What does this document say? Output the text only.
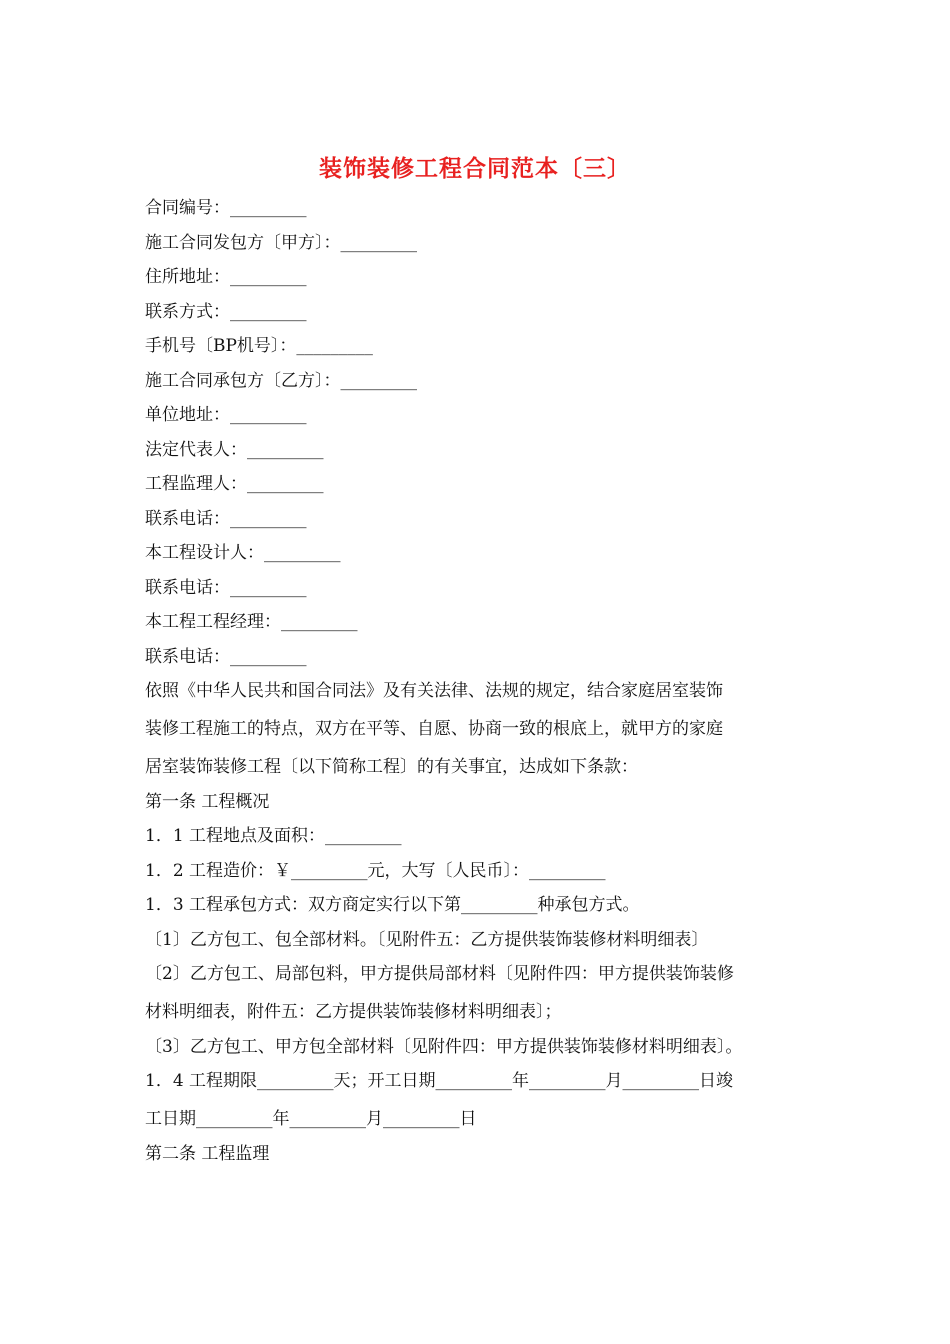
装饰装修工程合同范本〔三〕
合同编号：_________
施工合同发包方〔甲方〕：_________
住所地址：_________
联系方式：_________
手机号〔BP机号〕：_________
施工合同承包方〔乙方〕：_________
单位地址：_________
法定代表人：_________
工程监理人：_________
联系电话：_________
本工程设计人：_________
联系电话：_________
本工程工程经理：_________
联系电话：_________
依照《中华人民共和国合同法》及有关法律、法规的规定，结合家庭居室装饰
装修工程施工的特点，双方在平等、自愿、协商一致的根底上，就甲方的家庭
居室装饰装修工程〔以下简称工程〕的有关事宜，达成如下条款：
第一条 工程概况
1．1 工程地点及面积：_________
1．2 工程造价：￥_________元，大写〔人民币〕：_________
1．3 工程承包方式：双方商定实行以下第_________种承包方式。
〔1〕乙方包工、包全部材料。〔见附件五：乙方提供装饰装修材料明细表〕
〔2〕乙方包工、局部包料，甲方提供局部材料〔见附件四：甲方提供装饰装修
材料明细表，附件五：乙方提供装饰装修材料明细表〕；
〔3〕乙方包工、甲方包全部材料〔见附件四：甲方提供装饰装修材料明细表〕。
1．4 工程期限_________天；开工日期_________年_________月_________日竣
工日期_________年_________月_________日
第二条 工程监理
